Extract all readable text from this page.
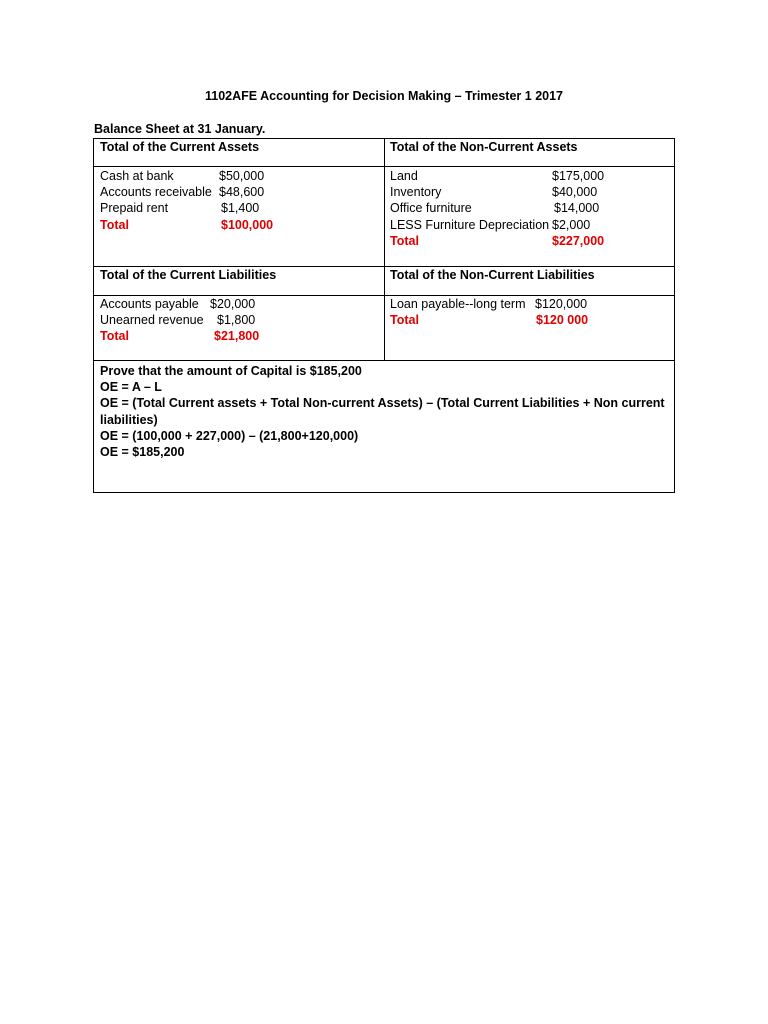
1102AFE Accounting for Decision Making – Trimester 1 2017
Balance Sheet at 31 January.
Total of the Current Assets	Total of the Non-Current Assets
Cash at bank	$50,000
Accounts receivable $48,600
Prepaid rent	$1,400
Total	$100,000
Land	$175,000
Inventory	$40,000
Office furniture	$14,000
LESS Furniture Depreciation $2,000
Total	$227,000
Total of the Current Liabilities	Total of the Non-Current Liabilities
Accounts payable $20,000
Unearned revenue $1,800
Total	$21,800
Loan payable--long term $120,000
Total	$120 000
Prove that the amount of Capital is $185,200
OE = A – L
OE = (Total Current assets + Total Non-current Assets) – (Total Current Liabilities + Non current liabilities)
OE = (100,000 + 227,000) – (21,800+120,000)
OE = $185,200
